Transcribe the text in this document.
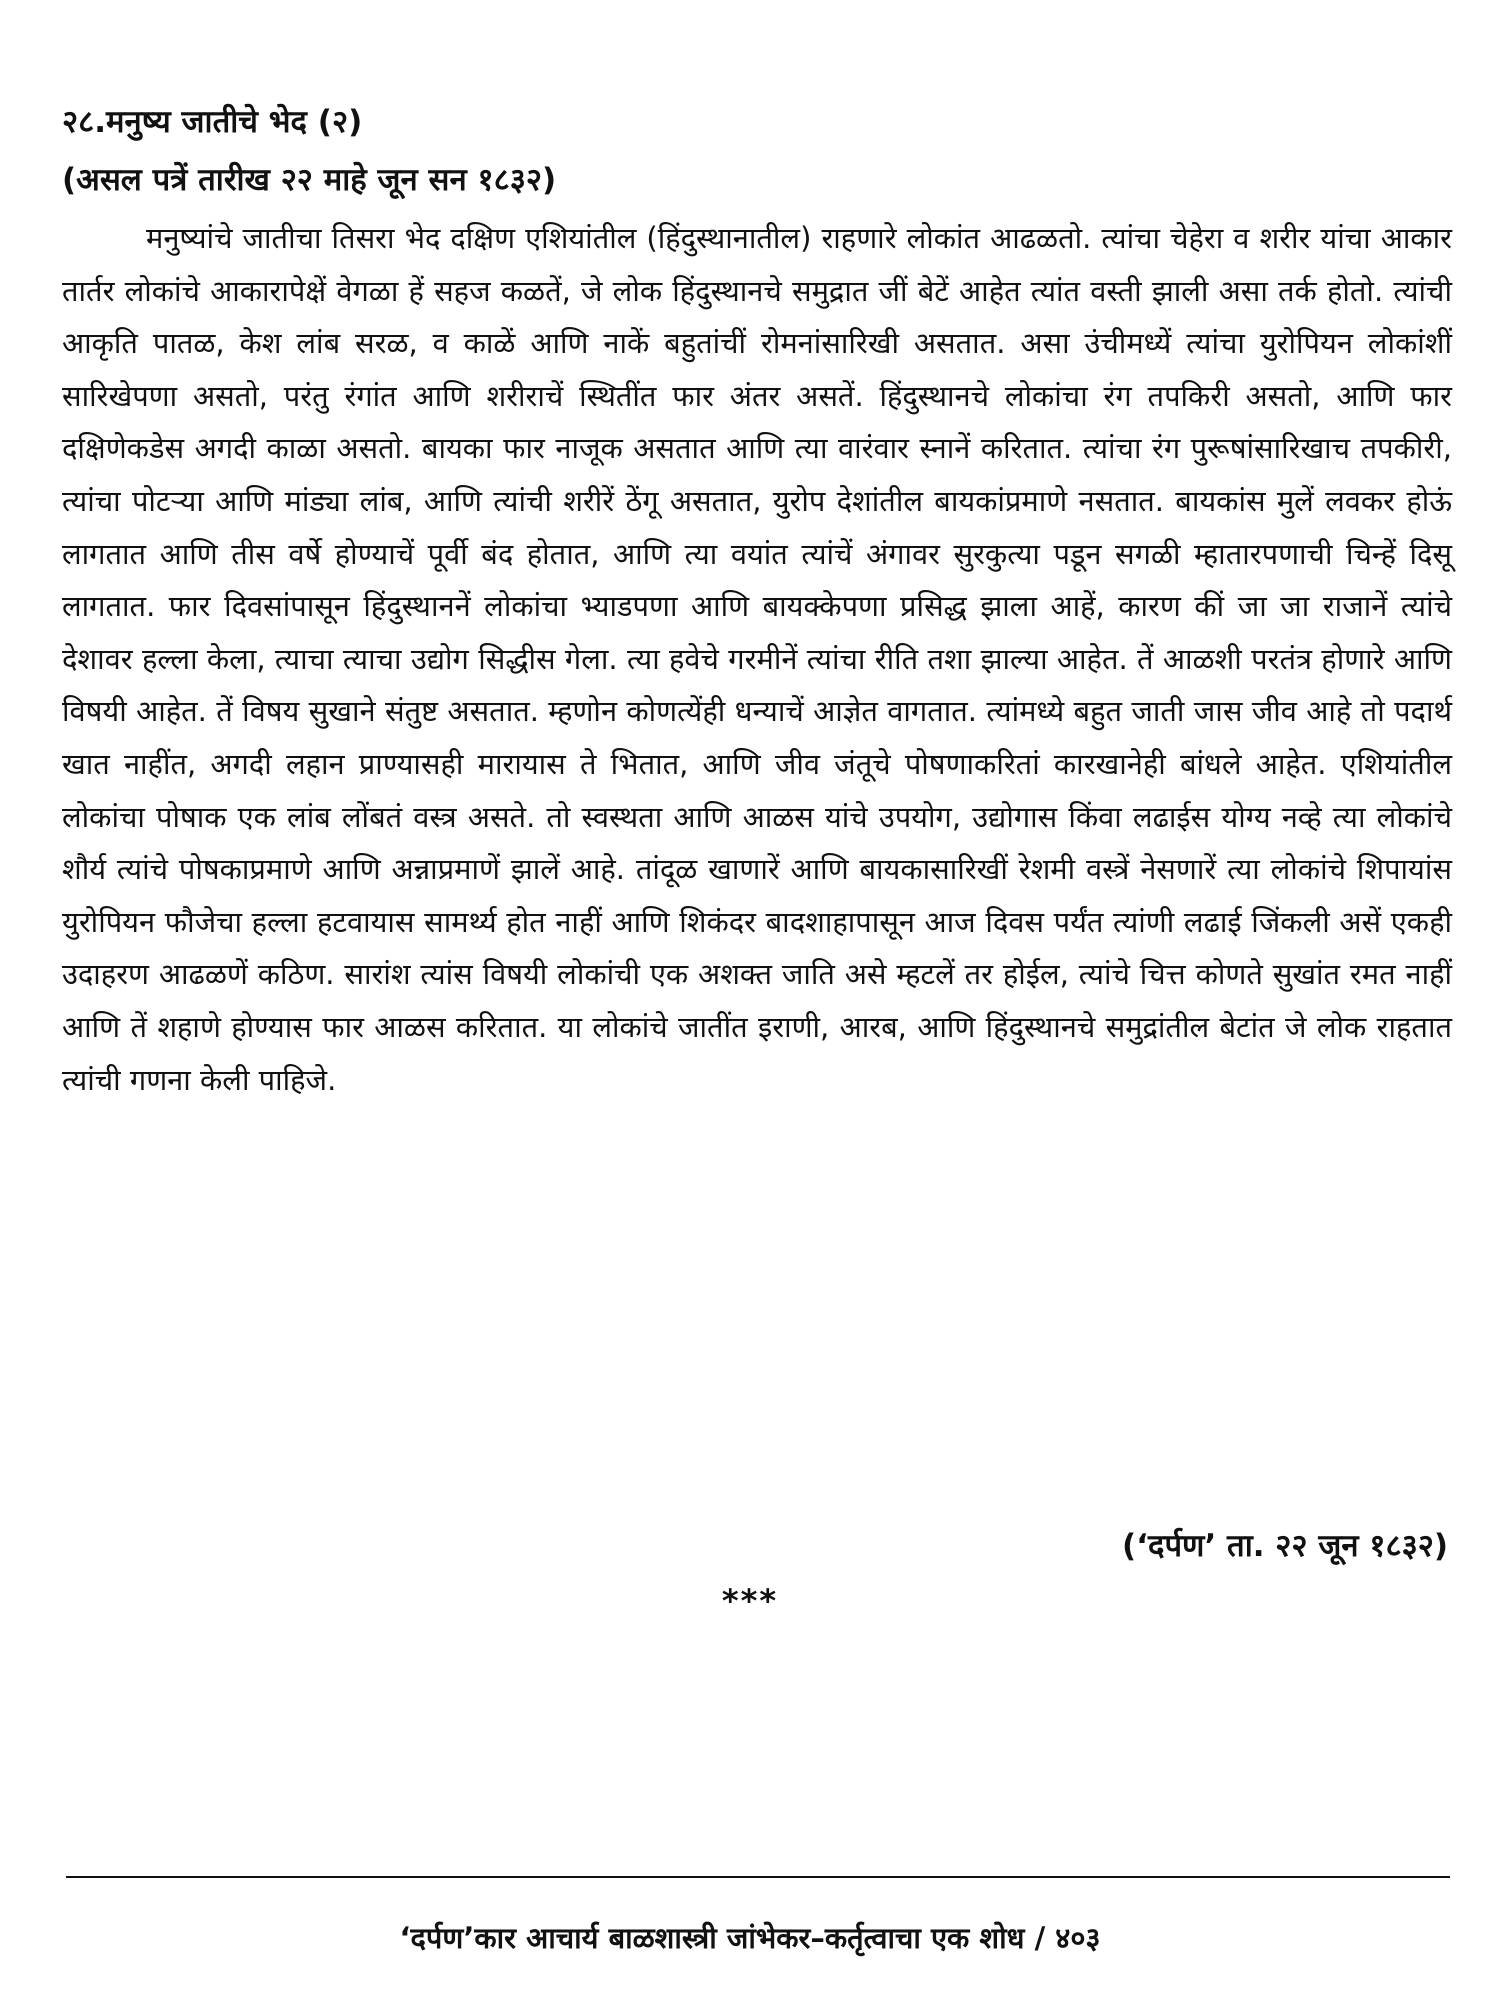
२८.मनुष्य जातीचे भेद (२)
(असल पत्रें तारीख २२ माहे जून सन १८३२)

मनुष्यांचे जातीचा तिसरा भेद दक्षिण एशियांतील (हिंदुस्थानातील) राहणारे लोकांत आढळतो. त्यांचा चेहेरा व शरीर यांचा आकार तार्तर लोकांचे आकारापेक्षें वेगळा हें सहज कळतें, जे लोक हिंदुस्थानचे समुद्रात जीं बेटें आहेत त्यांत वस्ती झाली असा तर्क होतो. त्यांची आकृति पातळ, केश लांब सरळ, व काळें आणि नाकें बहुतांचीं रोमनांसारिखी असतात. असा उंचीमध्यें त्यांचा युरोपियन लोकांशीं सारिखेपणा असतो, परंतु रंगांत आणि शरीराचें स्थितींत फार अंतर असतें. हिंदुस्थानचे लोकांचा रंग तपकिरी असतो, आणि फार दक्षिणेकडेस अगदी काळा असतो. बायका फार नाजूक असतात आणि त्या वारंवार स्नानें करितात. त्यांचा रंग पुरूषांसारिखाच तपकीरी, त्यांचा पोटऱ्या आणि मांड्या लांब, आणि त्यांची शरीरें ठेंगू असतात, युरोप देशांतील बायकांप्रमाणे नसतात. बायकांस मुलें लवकर होऊं लागतात आणि तीस वर्षे होण्याचें पूर्वी बंद होतात, आणि त्या वयांत त्यांचें अंगावर सुरकुत्या पडून सगळी म्हातारपणाची चिन्हें दिसू लागतात. फार दिवसांपासून हिंदुस्थाननें लोकांचा भ्याडपणा आणि बायक्केपणा प्रसिद्ध झाला आहें, कारण कीं जा जा राजानें त्यांचे देशावर हल्ला केला, त्याचा त्याचा उद्योग सिद्धीस गेला. त्या हवेचे गरमीनें त्यांचा रीति तशा झाल्या आहेत. तें आळशी परतंत्र होणारे आणि विषयी आहेत. तें विषय सुखाने संतुष्ट असतात. म्हणोन कोणत्येंही धन्याचें आज्ञेत वागतात. त्यांमध्ये बहुत जाती जास जीव आहे तो पदार्थ खात नाहींत, अगदी लहान प्राण्यासही मारायास ते भितात, आणि जीव जंतूचे पोषणाकरितां कारखानेही बांधले आहेत. एशियांतील लोकांचा पोषाक एक लांब लोंबतं वस्त्र असते. तो स्वस्थता आणि आळस यांचे उपयोग, उद्योगास किंवा लढाईस योग्य नव्हे त्या लोकांचे शौर्य त्यांचे पोषकाप्रमाणे आणि अन्नाप्रमाणें झालें आहे. तांदूळ खाणारें आणि बायकासारिखीं रेशमी वस्त्रें नेसणारें त्या लोकांचे शिपायांस युरोपियन फौजेचा हल्ला हटवायास सामर्थ्य होत नाहीं आणि शिकंदर बादशाहापासून आज दिवस पर्यंत त्यांणी लढाई जिंकली असें एकही उदाहरण आढळणें कठिण. सारांश त्यांस विषयी लोकांची एक अशक्त जाति असे म्हटलें तर होईल, त्यांचे चित्त कोणते सुखांत रमत नाहीं आणि तें शहाणे होण्यास फार आळस करितात. या लोकांचे जातींत इराणी, आरब, आणि हिंदुस्थानचे समुद्रांतील बेटांत जे लोक राहतात त्यांची गणना केली पाहिजे.

(‘दर्पण’ ता. २२ जून १८३२)
***
‘दर्पण’कार आचार्य बाळशास्त्री जांभेकर–कर्तृत्वाचा एक शोध / ४०३
